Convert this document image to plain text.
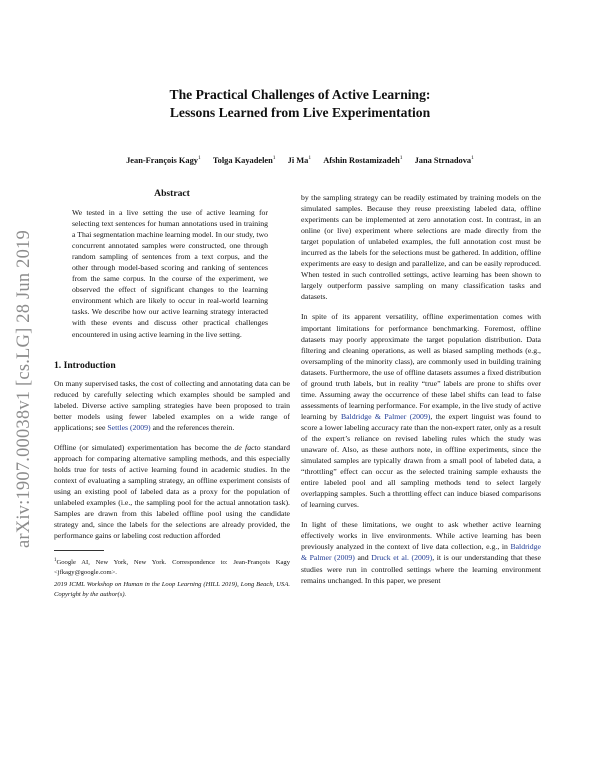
arXiv:1907.00038v1 [cs.LG] 28 Jun 2019

The Practical Challenges of Active Learning:

Lessons Learned from Live Experimentation

Jean-François Kagy$^1$ Tolga Kayadelen$^1$ Ji Ma$^1$ Afshin Rostamizadeh$^1$ Jana Strnadova$^1$
Abstract

We tested in a live setting the use of active learning for selecting text sentences for human annotations used in training a Thai segmentation machine learning model. In our study, two concurrent annotated samples were constructed, one through random sampling of sentences from a text corpus, and the other through model-based scoring and ranking of sentences from the same corpus. In the course of the experiment, we observed the effect of significant changes to the learning environment which are likely to occur in real-world learning tasks. We describe how our active learning strategy interacted with these events and discuss other practical challenges encountered in using active learning in the live setting.

1. Introduction

On many supervised tasks, the cost of collecting and annotating data can be reduced by carefully selecting which examples should be sampled and labeled. Diverse active sampling strategies have been proposed to train better models using fewer labeled examples on a wide range of applications; see Settles (2009) and the references therein.

Offline (or simulated) experimentation has become the de facto standard approach for comparing alternative sampling methods, and this especially holds true for tests of active learning found in academic studies. In the context of evaluating a sampling strategy, an offline experiment consists of using an existing pool of labeled data as a proxy for the population of unlabeled examples (i.e., the sampling pool for the actual annotation task). Samples are drawn from this labeled offline pool using the candidate strategy and, since the labels for the selections are already provided, the performance gains or labeling cost reduction afforded

$^1$Google AI, New York, New York. Correspondence to: Jean-François Kagy <jfkagy@google.com>.

2019 ICML Workshop on Human in the Loop Learning (HILL 2019), Long Beach, USA. Copyright by the author(s).

by the sampling strategy can be readily estimated by training models on the simulated samples. Because they reuse preexisting labeled data, offline experiments can be implemented at zero annotation cost. In contrast, in an online (or live) experiment where selections are made directly from the target population of unlabeled examples, the full annotation cost must be incurred as the labels for the selections must be gathered. In addition, offline experiments are easy to design and parallelize, and can be easily reproduced. When tested in such controlled settings, active learning has been shown to largely outperform passive sampling on many classification tasks and datasets.

In spite of its apparent versatility, offline experimentation comes with important limitations for performance benchmarking. Foremost, offline datasets may poorly approximate the target population distribution. Data filtering and cleaning operations, as well as biased sampling methods (e.g., oversampling of the minority class), are commonly used in building training datasets. Furthermore, the use of offline datasets assumes a fixed distribution of ground truth labels, but in reality “true” labels are prone to shifts over time. Assuming away the occurrence of these label shifts can lead to false assessments of learning performance. For example, in the live study of active learning by Baldridge & Palmer (2009), the expert linguist was found to score a lower labeling accuracy rate than the non-expert rater, only as a result of the expert’s reliance on revised labeling rules which the study was unaware of. Also, as these authors note, in offline experiments, since the simulated samples are typically drawn from a small pool of labeled data, a “throttling” effect can occur as the selected training sample exhausts the entire labeled pool and all sampling methods tend to select largely overlapping samples. Such a throttling effect can induce biased comparisons of learning curves.

In light of these limitations, we ought to ask whether active learning effectively works in live environments. While active learning has been previously analyzed in the context of live data collection, e.g., in Baldridge & Palmer (2009) and Druck et al. (2009), it is our understanding that these studies were run in controlled settings where the learning environment remains unchanged. In this paper, we present
